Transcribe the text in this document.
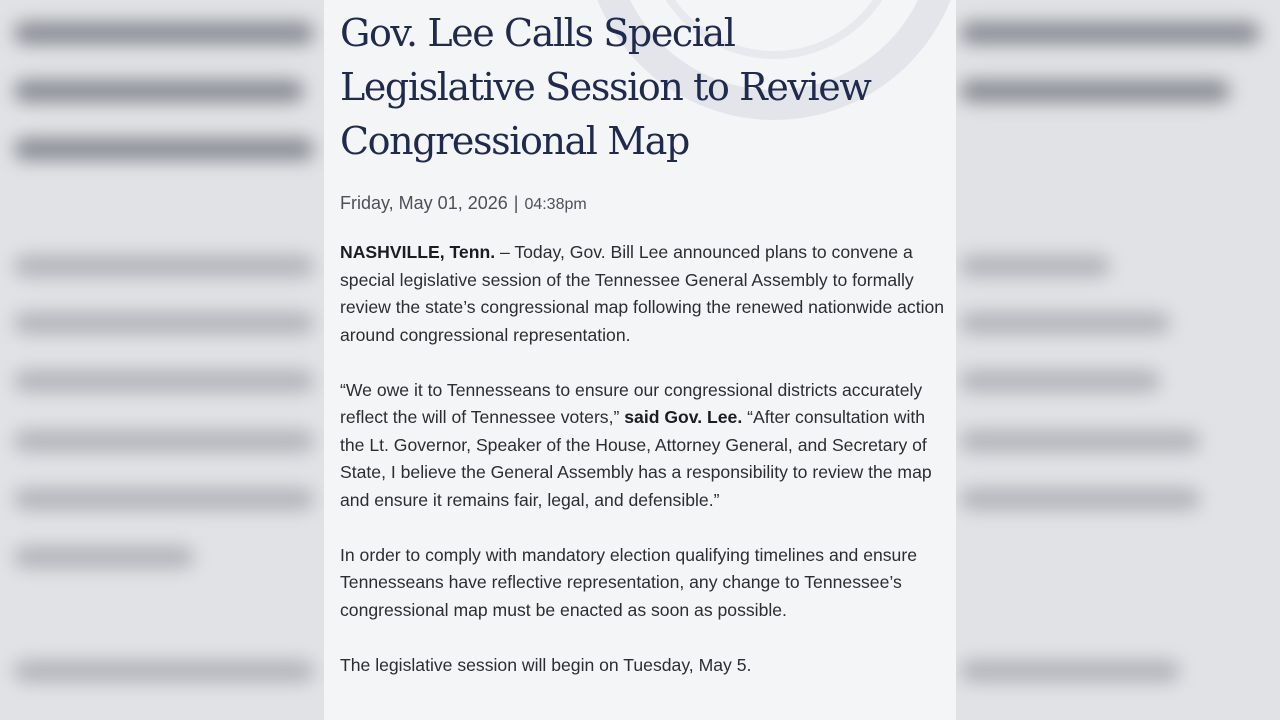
Gov. Lee Calls Special Legislative Session to Review Congressional Map
Friday, May 01, 2026 | 04:38pm

NASHVILLE, Tenn. – Today, Gov. Bill Lee announced plans to convene a special legislative session of the Tennessee General Assembly to formally review the state’s congressional map following the renewed nationwide action around congressional representation.

“We owe it to Tennesseans to ensure our congressional districts accurately reflect the will of Tennessee voters,” said Gov. Lee. “After consultation with the Lt. Governor, Speaker of the House, Attorney General, and Secretary of State, I believe the General Assembly has a responsibility to review the map and ensure it remains fair, legal, and defensible.”

In order to comply with mandatory election qualifying timelines and ensure Tennesseans have reflective representation, any change to Tennessee’s congressional map must be enacted as soon as possible.

The legislative session will begin on Tuesday, May 5.
